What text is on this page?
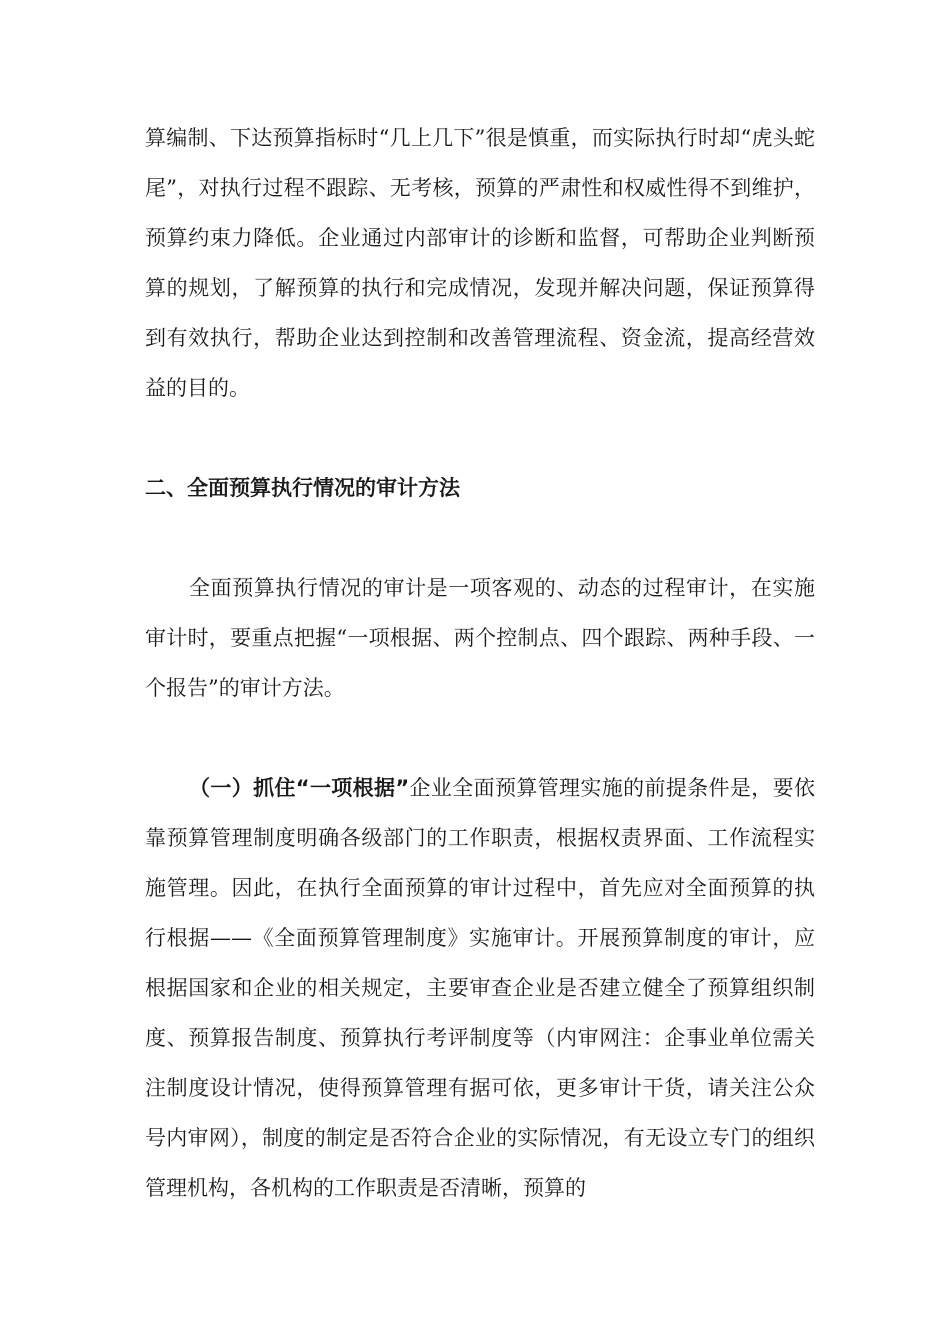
算编制、下达预算指标时“几上几下”很是慎重，而实际执行时却“虎头蛇尾”，对执行过程不跟踪、无考核，预算的严肃性和权威性得不到维护，预算约束力降低。企业通过内部审计的诊断和监督，可帮助企业判断预算的规划，了解预算的执行和完成情况，发现并解决问题，保证预算得到有效执行，帮助企业达到控制和改善管理流程、资金流，提高经营效益的目的。

二、全面预算执行情况的审计方法

全面预算执行情况的审计是一项客观的、动态的过程审计，在实施审计时，要重点把握“一项根据、两个控制点、四个跟踪、两种手段、一个报告”的审计方法。

（一）抓住“一项根据”企业全面预算管理实施的前提条件是，要依靠预算管理制度明确各级部门的工作职责，根据权责界面、工作流程实施管理。因此，在执行全面预算的审计过程中，首先应对全面预算的执行根据——《全面预算管理制度》实施审计。开展预算制度的审计，应根据国家和企业的相关规定，主要审查企业是否建立健全了预算组织制度、预算报告制度、预算执行考评制度等（内审网注：企事业单位需关注制度设计情况，使得预算管理有据可依，更多审计干货，请关注公众号内审网），制度的制定是否符合企业的实际情况，有无设立专门的组织管理机构，各机构的工作职责是否清晰，预算的
